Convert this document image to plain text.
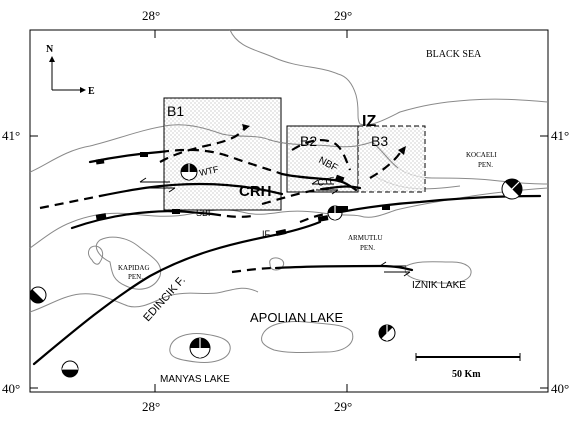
28°	29°
28°	29°
41°	41°
40°	40°
N
E
B1
B2	B3
IZ
CRH
WTF	NBF
CTF
SBF
IF
EDINCIK F.
BLACK SEA
APOLIAN LAKE
MANYAS LAKE
IZNIK LAKE
KOCAELI
PEN.
ARMUTLU
PEN.
KAPIDAG
PEN.
50 Km
